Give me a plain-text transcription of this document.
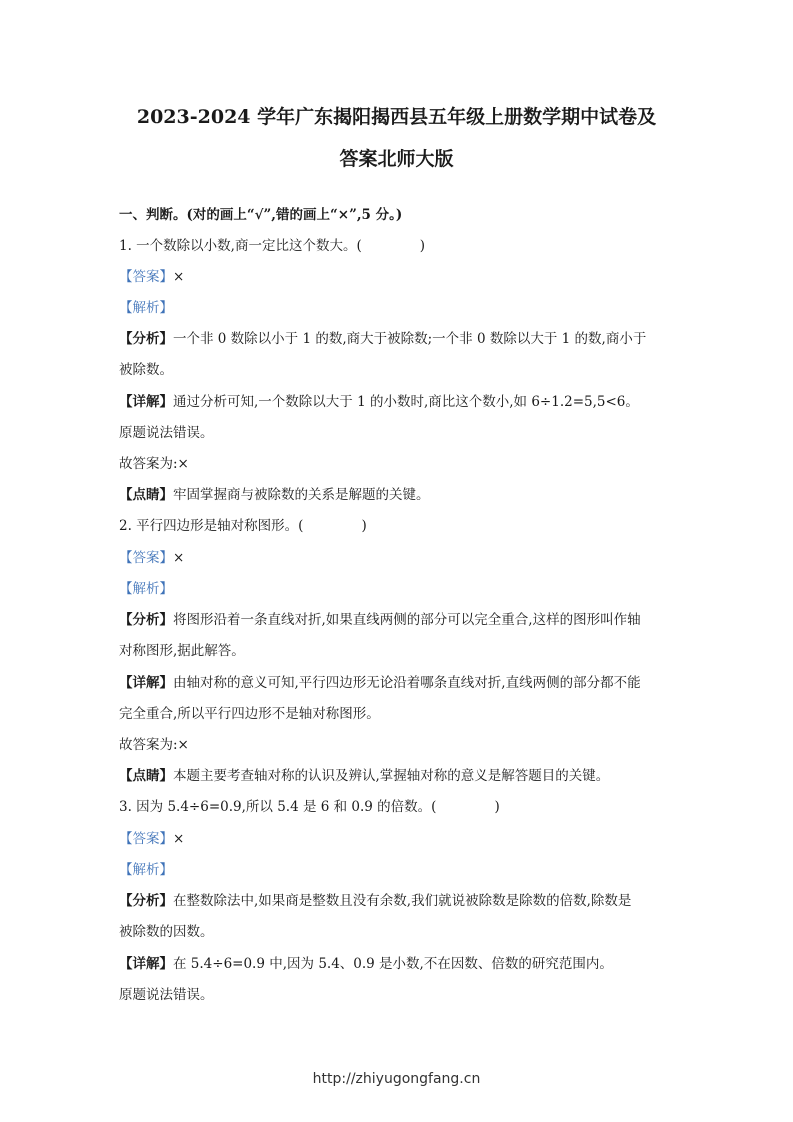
2023-2024 学年广东揭阳揭西县五年级上册数学期中试卷及
答案北师大版
一、判断。(对的画上“√”,错的画上“×”,5 分。)
1. 一个数除以小数,商一定比这个数大。(	)
【答案】×
【解析】
【分析】一个非 0 数除以小于 1 的数,商大于被除数;一个非 0 数除以大于 1 的数,商小于
被除数。
【详解】通过分析可知,一个数除以大于 1 的小数时,商比这个数小,如 6÷1.2=5,5<6。
原题说法错误。
故答案为:×
【点睛】牢固掌握商与被除数的关系是解题的关键。
2. 平行四边形是轴对称图形。(	)
【答案】×
【解析】
【分析】将图形沿着一条直线对折,如果直线两侧的部分可以完全重合,这样的图形叫作轴
对称图形,据此解答。
【详解】由轴对称的意义可知,平行四边形无论沿着哪条直线对折,直线两侧的部分都不能
完全重合,所以平行四边形不是轴对称图形。
故答案为:×
【点睛】本题主要考查轴对称的认识及辨认,掌握轴对称的意义是解答题目的关键。
3. 因为 5.4÷6=0.9,所以 5.4 是 6 和 0.9 的倍数。(	)
【答案】×
【解析】
【分析】在整数除法中,如果商是整数且没有余数,我们就说被除数是除数的倍数,除数是
被除数的因数。
【详解】在 5.4÷6=0.9 中,因为 5.4、0.9 是小数,不在因数、倍数的研究范围内。
原题说法错误。
http://zhiyugongfang.cn
